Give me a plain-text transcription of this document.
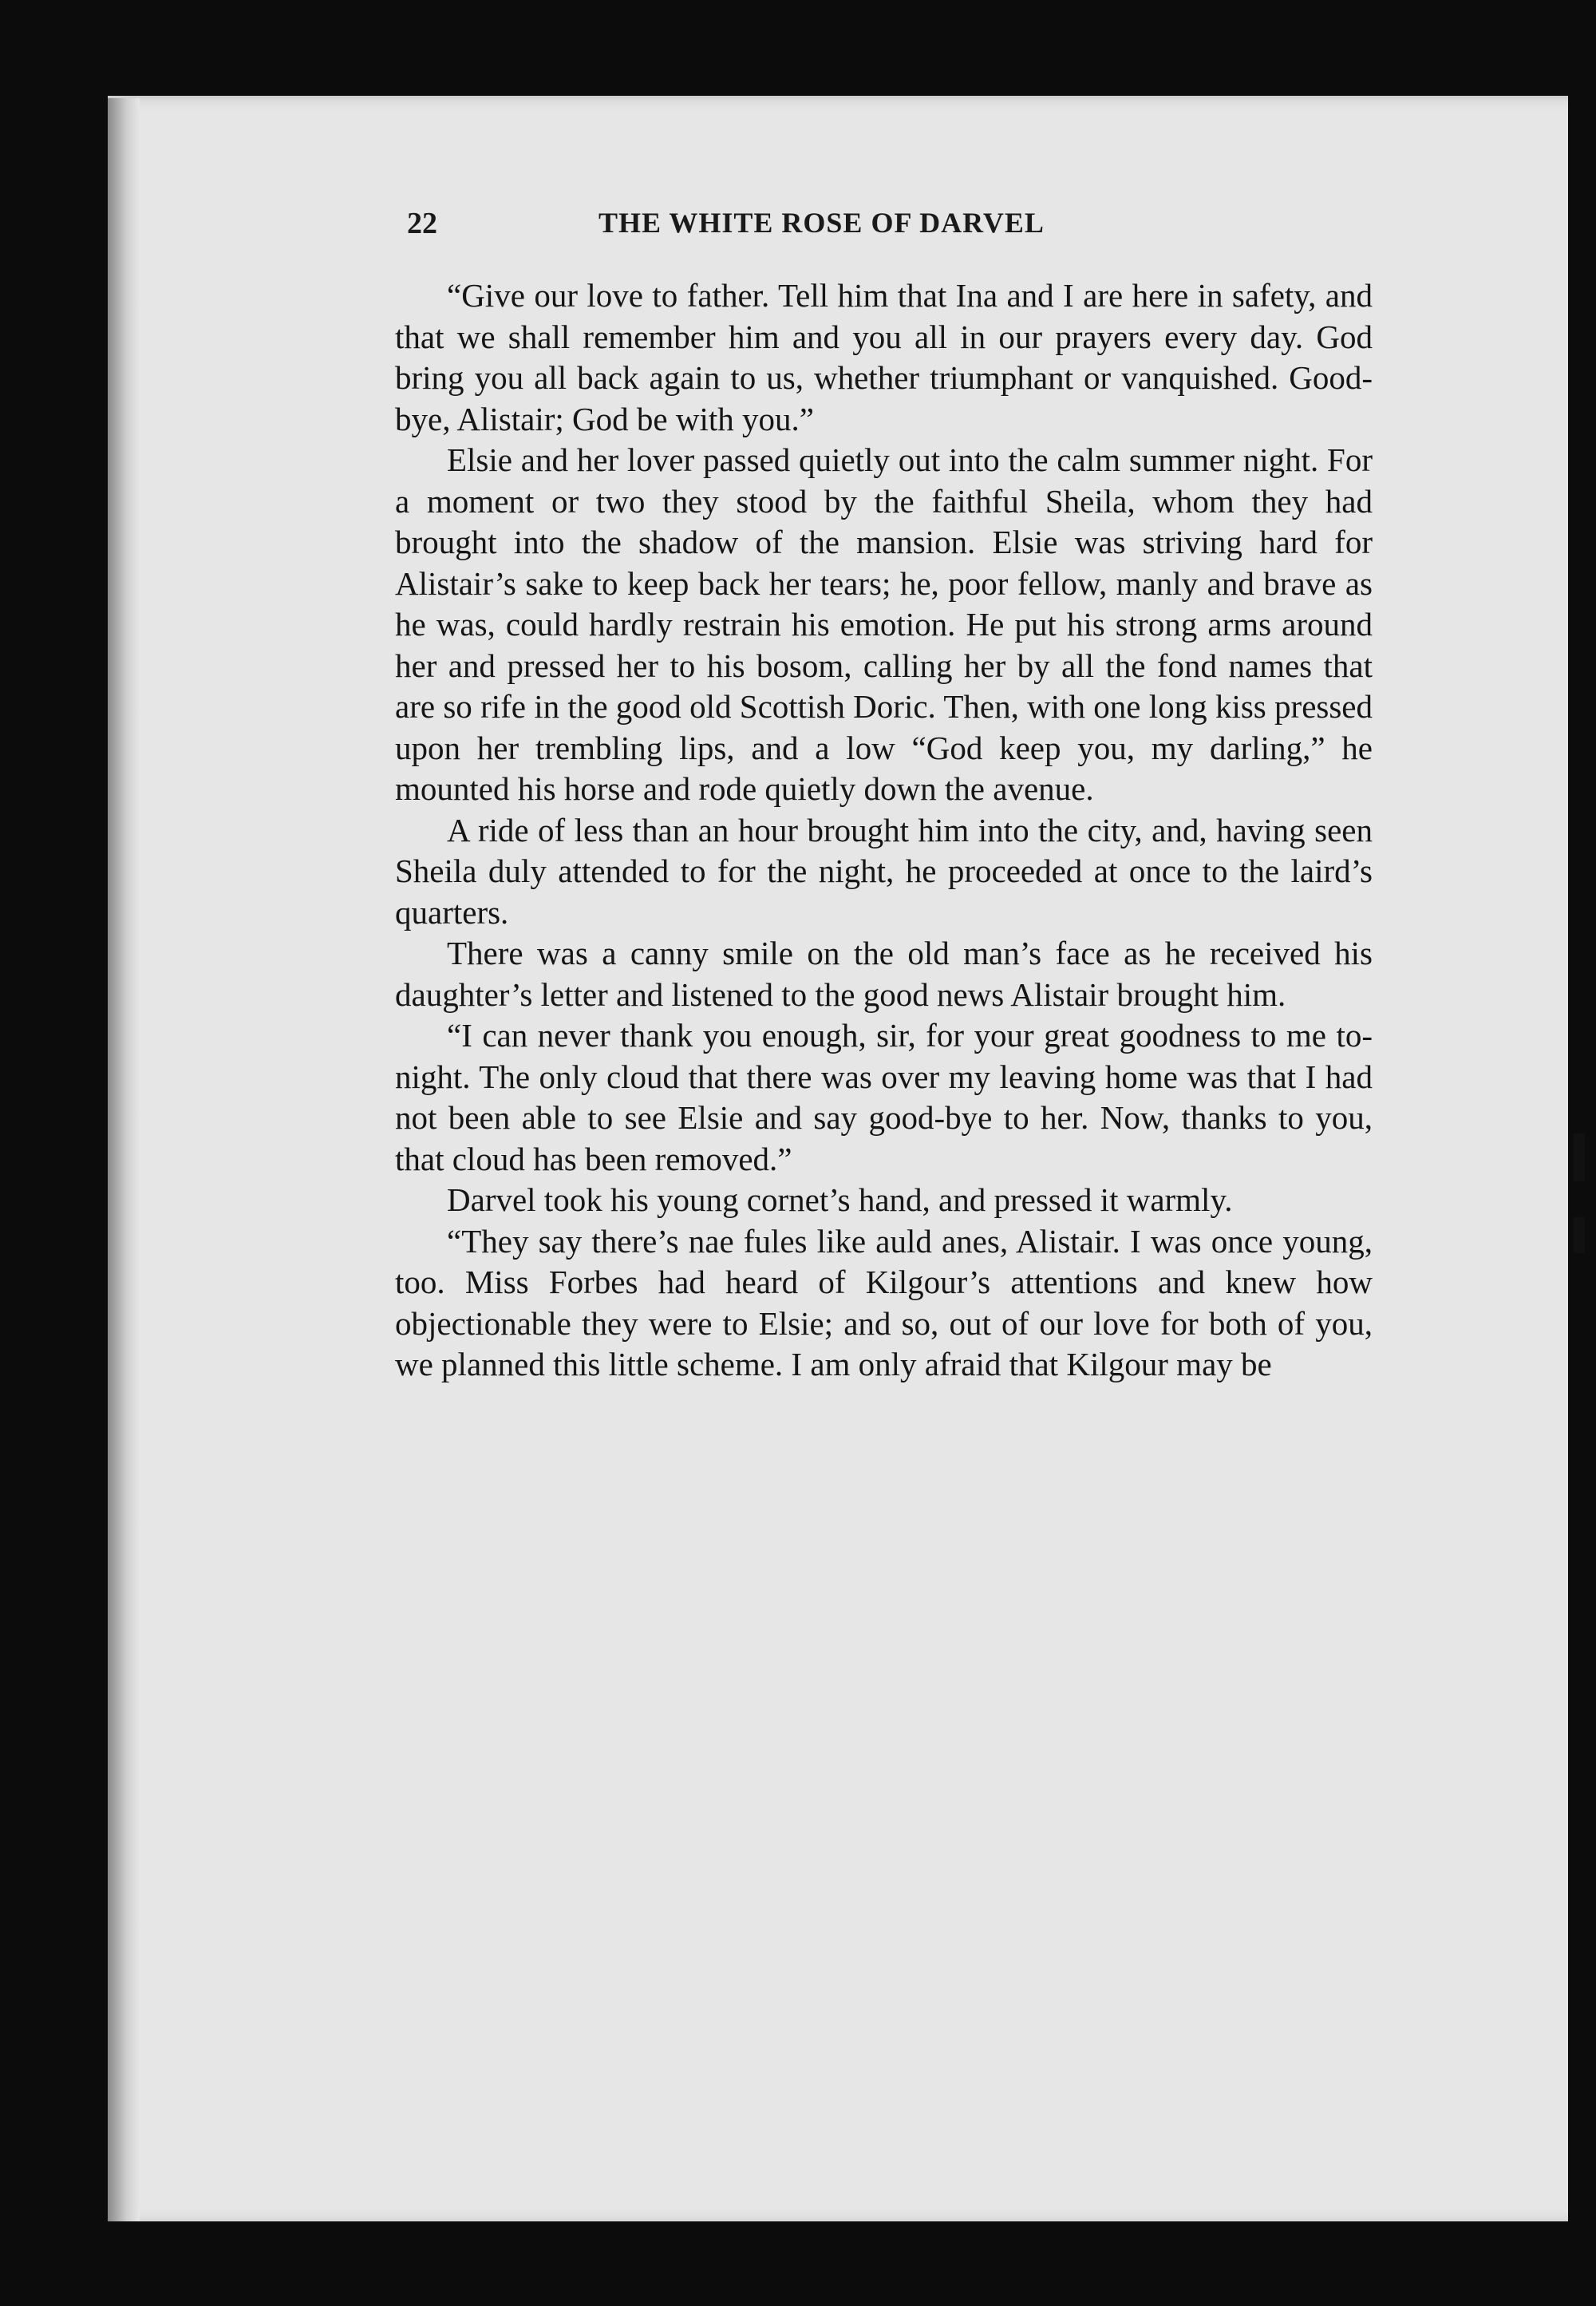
22	THE WHITE ROSE OF DARVEL

“Give our love to father. Tell him that Ina and I are here in safety, and that we shall remember him and you all in our prayers every day. God bring you all back again to us, whether triumphant or vanquished. Good-bye, Alistair; God be with you.”

Elsie and her lover passed quietly out into the calm summer night. For a moment or two they stood by the faithful Sheila, whom they had brought into the shadow of the mansion. Elsie was striving hard for Alistair’s sake to keep back her tears; he, poor fellow, manly and brave as he was, could hardly restrain his emotion. He put his strong arms around her and pressed her to his bosom, calling her by all the fond names that are so rife in the good old Scottish Doric. Then, with one long kiss pressed upon her trembling lips, and a low “God keep you, my darling,” he mounted his horse and rode quietly down the avenue.

A ride of less than an hour brought him into the city, and, having seen Sheila duly attended to for the night, he proceeded at once to the laird’s quarters.

There was a canny smile on the old man’s face as he received his daughter’s letter and listened to the good news Alistair brought him.

“I can never thank you enough, sir, for your great goodness to me to-night. The only cloud that there was over my leaving home was that I had not been able to see Elsie and say good-bye to her. Now, thanks to you, that cloud has been removed.”

Darvel took his young cornet’s hand, and pressed it warmly.

“They say there’s nae fules like auld anes, Alistair. I was once young, too. Miss Forbes had heard of Kilgour’s attentions and knew how objectionable they were to Elsie; and so, out of our love for both of you, we planned this little scheme. I am only afraid that Kilgour may be
